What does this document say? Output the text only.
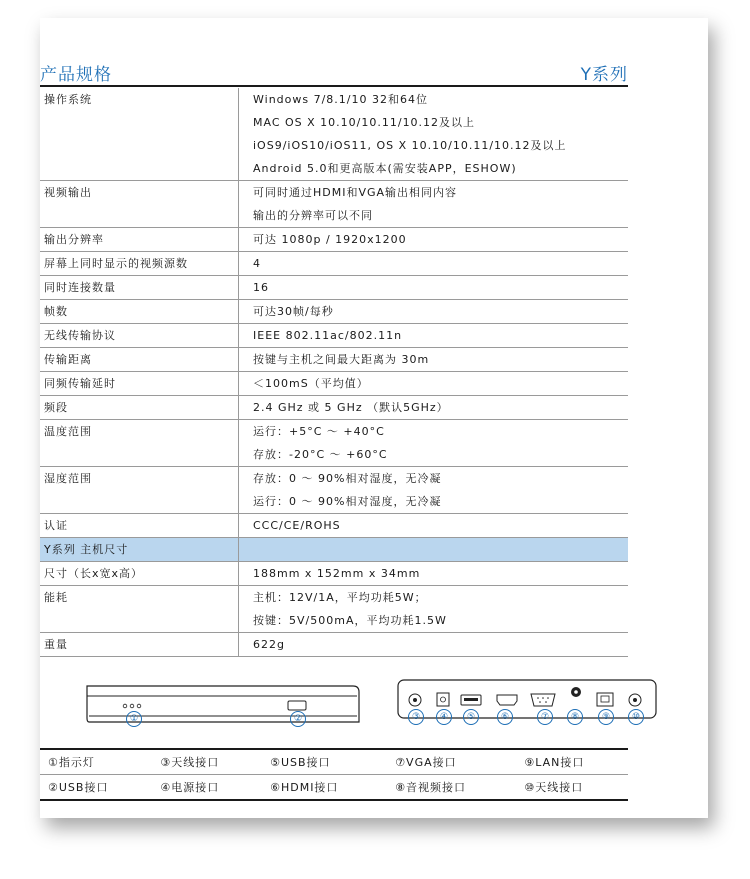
产品规格	Y系列
操作系统	Windows 7/8.1/10 32和64位
MAC OS X 10.10/10.11/10.12及以上
iOS9/iOS10/iOS11, OS X 10.10/10.11/10.12及以上
Android 5.0和更高版本(需安装APP，ESHOW)

视频输出	可同时通过HDMI和VGA输出相同内容
输出的分辨率可以不同

输出分辨率	可达 1080p / 1920x1200

屏幕上同时显示的视频源数	4

同时连接数量	16

帧数	可达30帧/每秒

无线传输协议	IEEE 802.11ac/802.11n

传输距离	按键与主机之间最大距离为 30m

同频传输延时	＜100mS（平均值）

频段	2.4 GHz 或 5 GHz （默认5GHz）

温度范围	运行：+5°C ～ +40°C
存放：-20°C ～ +60°C

湿度范围	存放：0 ～ 90%相对湿度，无冷凝
运行：0 ～ 90%相对湿度，无冷凝

认证	CCC/CE/ROHS

Y系列 主机尺寸	

尺寸（长x宽x高）	188mm x 152mm x 34mm

能耗	主机：12V/1A，平均功耗5W；
按键：5V/500mA，平均功耗1.5W

重量	622g
①	②	③	④	⑤	⑥	⑦	⑧	⑨	⑩
①指示灯	③天线接口	⑤USB接口	⑦VGA接口	⑨LAN接口
②USB接口	④电源接口	⑥HDMI接口	⑧音视频接口	⑩天线接口
